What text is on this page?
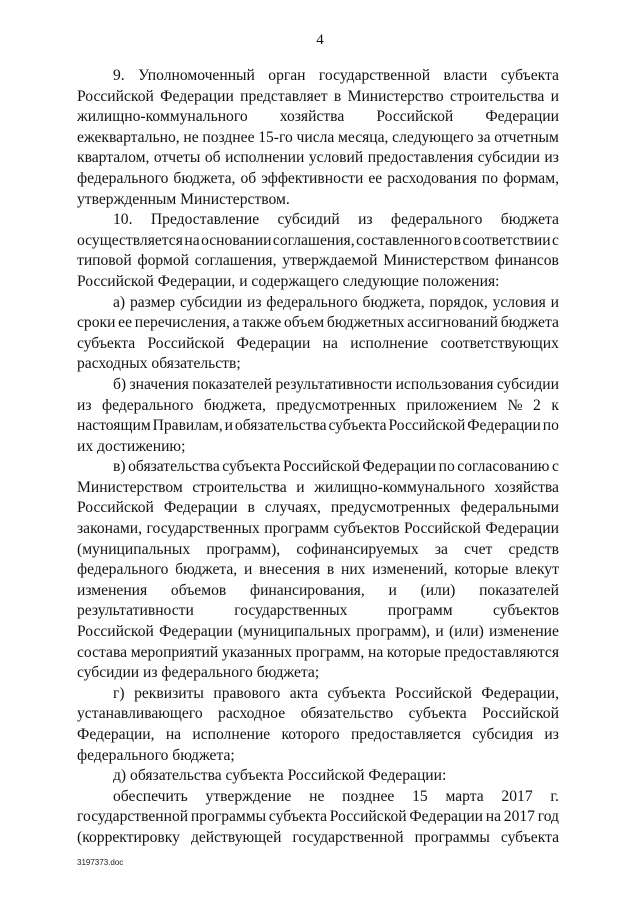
4
9. Уполномоченный орган государственной власти субъекта
Российской Федерации представляет в Министерство строительства и
жилищно-коммунального хозяйства Российской Федерации
ежеквартально, не позднее 15-го числа месяца, следующего за отчетным
кварталом, отчеты об исполнении условий предоставления субсидии из
федерального бюджета, об эффективности ее расходования по формам,
утвержденным Министерством.
10. Предоставление субсидий из федерального бюджета
осуществляется на основании соглашения, составленного в соответствии с
типовой формой соглашения, утверждаемой Министерством финансов
Российской Федерации, и содержащего следующие положения:
а) размер субсидии из федерального бюджета, порядок, условия и
сроки ее перечисления, а также объем бюджетных ассигнований бюджета
субъекта Российской Федерации на исполнение соответствующих
расходных обязательств;
б) значения показателей результативности использования субсидии
из федерального бюджета, предусмотренных приложением № 2 к
настоящим Правилам, и обязательства субъекта Российской Федерации по
их достижению;
в) обязательства субъекта Российской Федерации по согласованию с
Министерством строительства и жилищно-коммунального хозяйства
Российской Федерации в случаях, предусмотренных федеральными
законами, государственных программ субъектов Российской Федерации
(муниципальных программ), софинансируемых за счет средств
федерального бюджета, и внесения в них изменений, которые влекут
изменения объемов финансирования, и (или) показателей
результативности	государственных	программ	субъектов
Российской Федерации (муниципальных программ), и (или) изменение
состава мероприятий указанных программ, на которые предоставляются
субсидии из федерального бюджета;
г) реквизиты правового акта субъекта Российской Федерации,
устанавливающего расходное обязательство субъекта Российской
Федерации, на исполнение которого предоставляется субсидия из
федерального бюджета;
д) обязательства субъекта Российской Федерации:
обеспечить утверждение не позднее 15 марта 2017 г.
государственной программы субъекта Российской Федерации на 2017 год
(корректировку действующей государственной программы субъекта
3197373.doc
